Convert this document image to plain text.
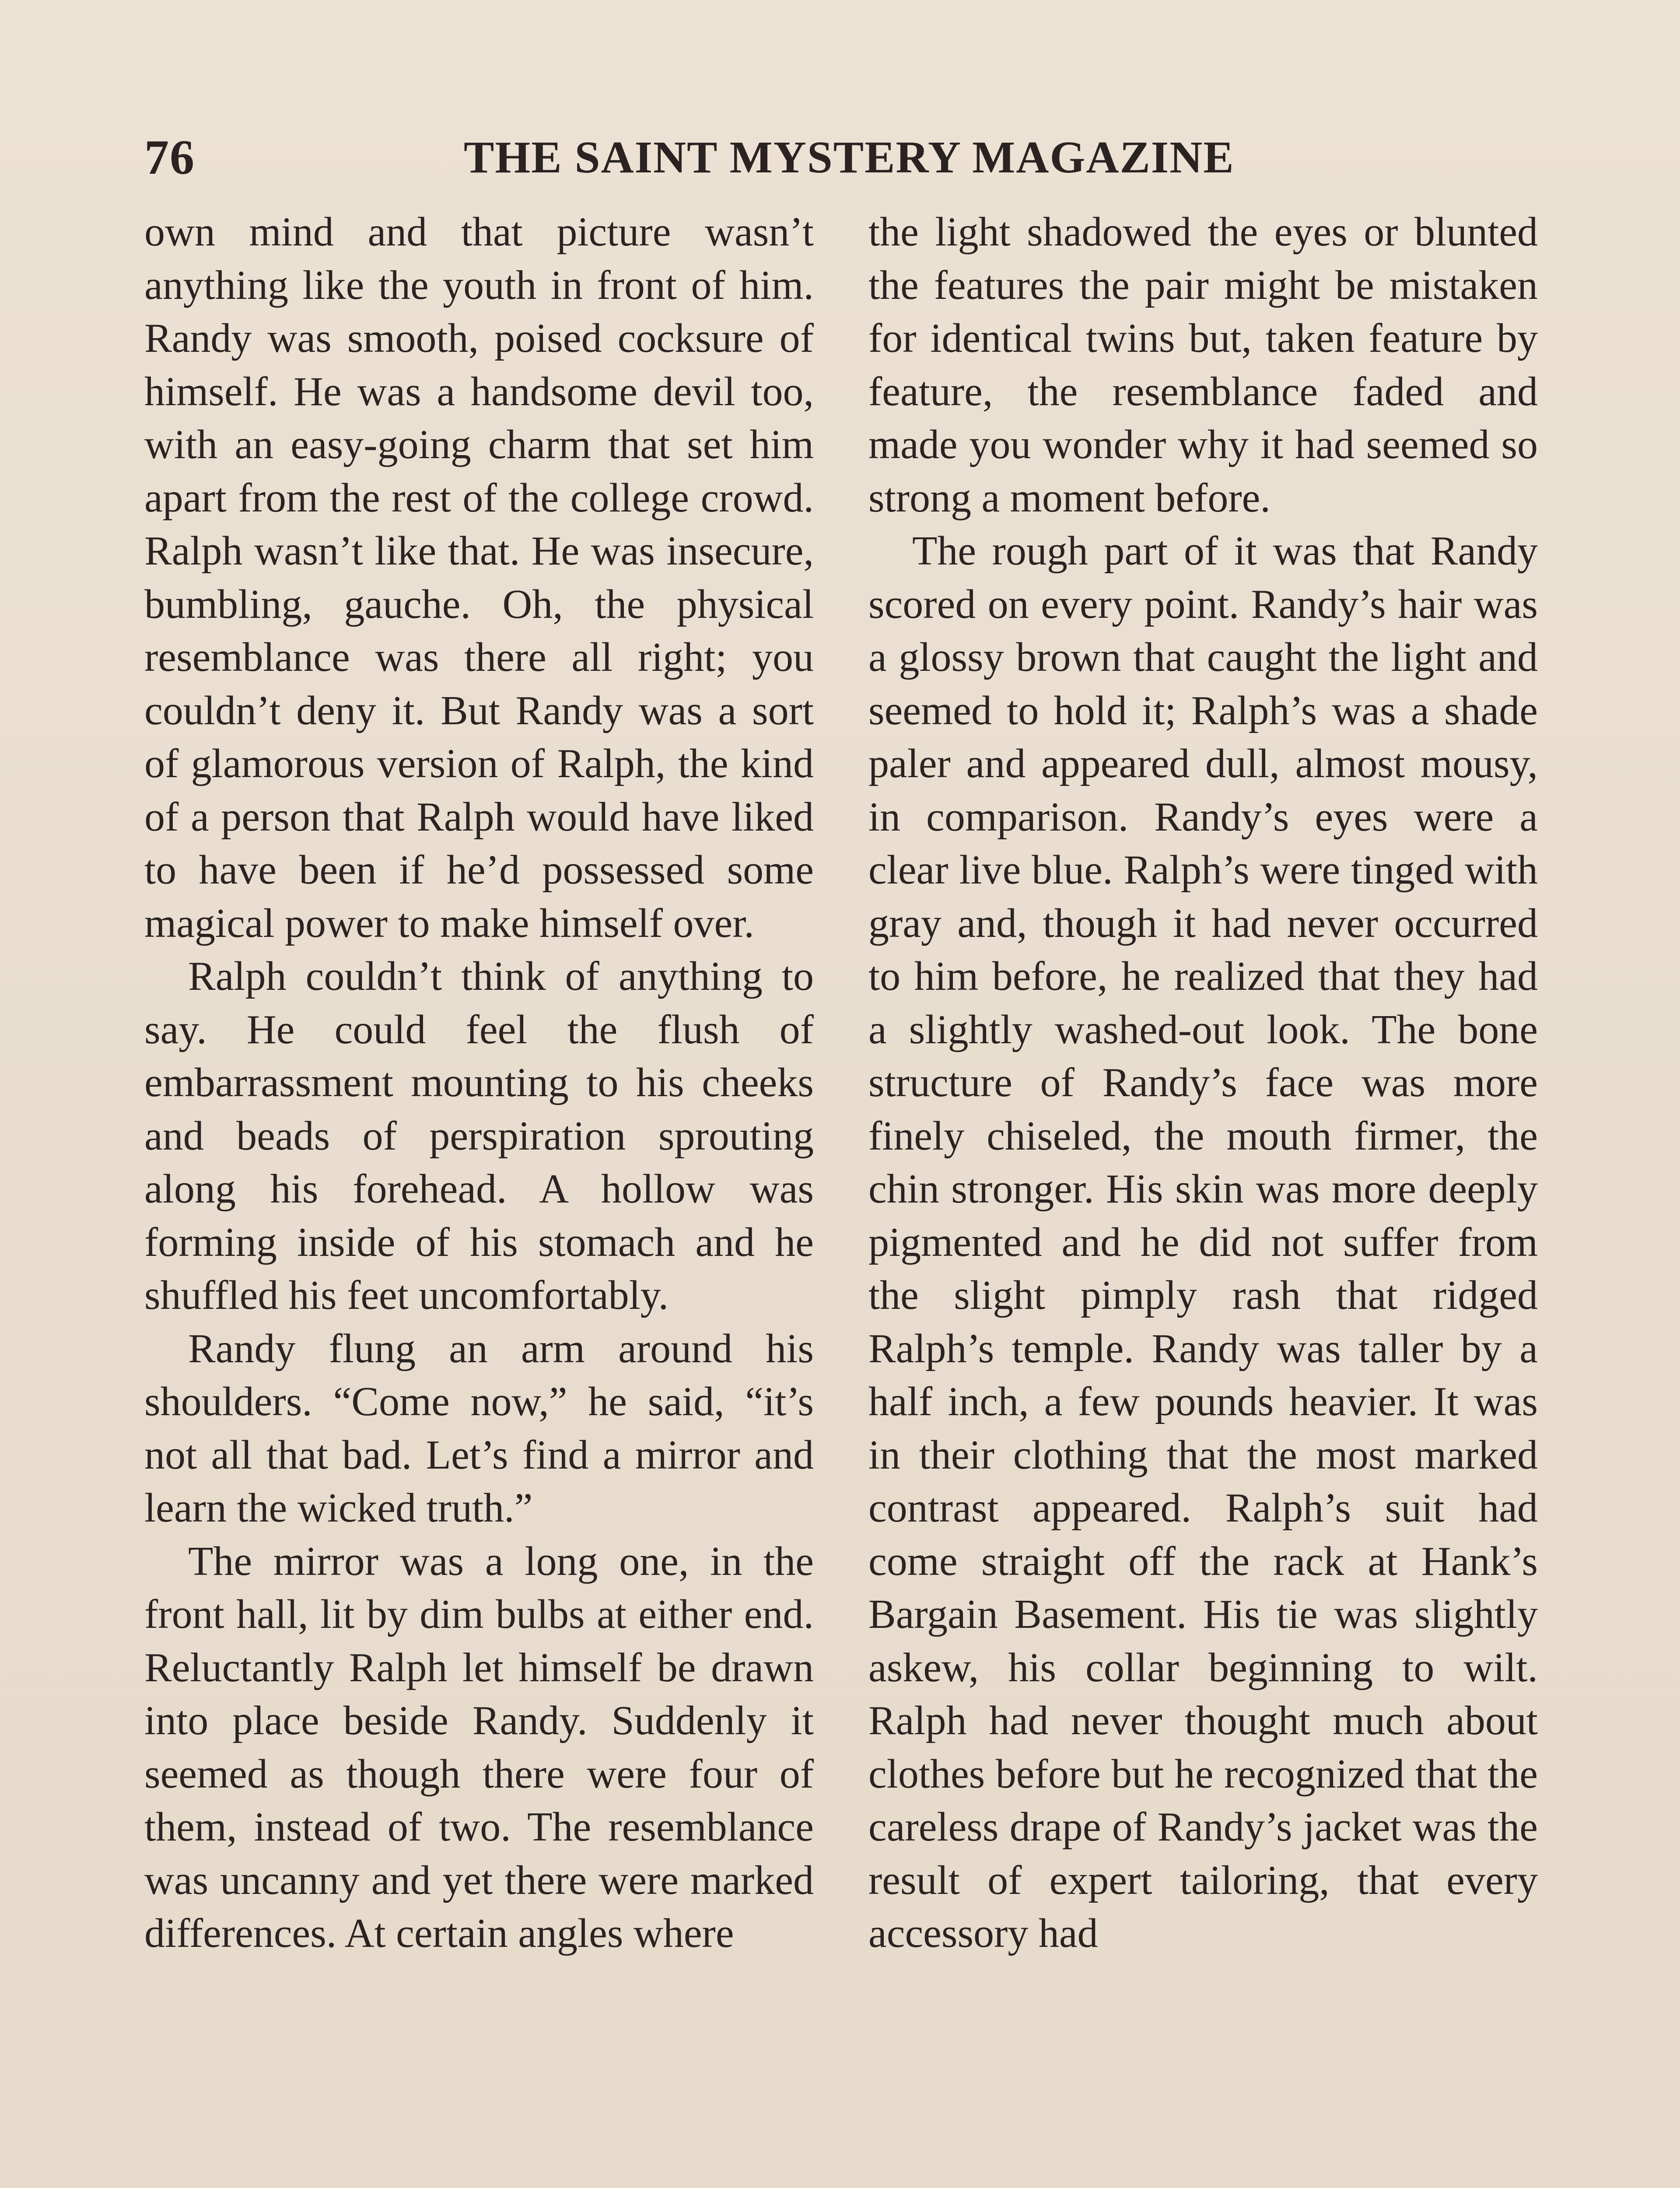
76	THE SAINT MYSTERY MAGAZINE

own mind and that picture wasn’t anything like the youth in front of him. Randy was smooth, poised cocksure of himself. He was a handsome devil too, with an easy-going charm that set him apart from the rest of the college crowd. Ralph wasn’t like that. He was insecure, bumbling, gauche. Oh, the physical resemblance was there all right; you couldn’t deny it. But Randy was a sort of glamorous version of Ralph, the kind of a person that Ralph would have liked to have been if he’d possessed some magical power to make himself over.

Ralph couldn’t think of anything to say. He could feel the flush of embarrassment mounting to his cheeks and beads of perspiration sprouting along his forehead. A hollow was forming inside of his stomach and he shuffled his feet uncomfortably.

Randy flung an arm around his shoulders. “Come now,” he said, “it’s not all that bad. Let’s find a mirror and learn the wicked truth.”

The mirror was a long one, in the front hall, lit by dim bulbs at either end. Reluctantly Ralph let himself be drawn into place beside Randy. Suddenly it seemed as though there were four of them, instead of two. The resemblance was uncanny and yet there were marked differences. At certain angles where

the light shadowed the eyes or blunted the features the pair might be mistaken for identical twins but, taken feature by feature, the resemblance faded and made you wonder why it had seemed so strong a moment before.

The rough part of it was that Randy scored on every point. Randy’s hair was a glossy brown that caught the light and seemed to hold it; Ralph’s was a shade paler and appeared dull, almost mousy, in comparison. Randy’s eyes were a clear live blue. Ralph’s were tinged with gray and, though it had never occurred to him before, he realized that they had a slightly washed-out look. The bone structure of Randy’s face was more finely chiseled, the mouth firmer, the chin stronger. His skin was more deeply pigmented and he did not suffer from the slight pimply rash that ridged Ralph’s temple. Randy was taller by a half inch, a few pounds heavier. It was in their clothing that the most marked contrast appeared. Ralph’s suit had come straight off the rack at Hank’s Bargain Basement. His tie was slightly askew, his collar beginning to wilt. Ralph had never thought much about clothes before but he recognized that the careless drape of Randy’s jacket was the result of expert tailoring, that every accessory had
